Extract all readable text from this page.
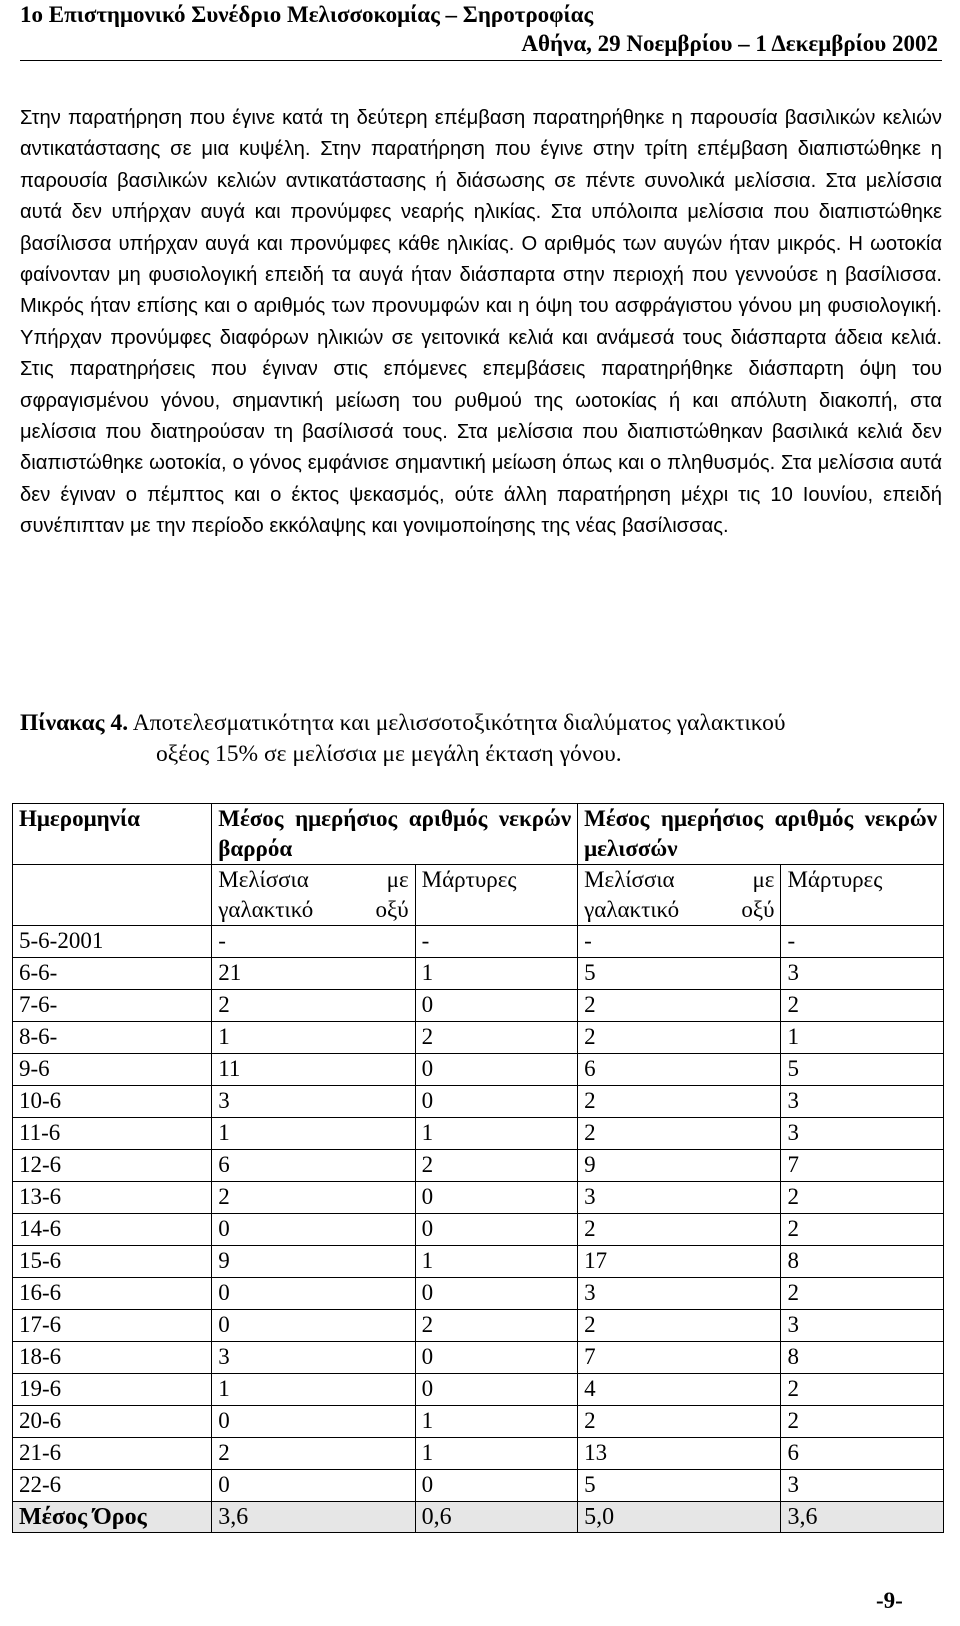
1ο Επιστημονικό Συνέδριο Μελισσοκομίας – Σηροτροφίας
Αθήνα, 29 Νοεμβρίου – 1 Δεκεμβρίου 2002
Στην παρατήρηση που έγινε κατά τη δεύτερη επέμβαση παρατηρήθηκε η παρουσία βασιλικών κελιών αντικατάστασης σε μια κυψέλη. Στην παρατήρηση που έγινε στην τρίτη επέμβαση διαπιστώθηκε η παρουσία βασιλικών κελιών αντικατάστασης ή διάσωσης σε πέντε συνολικά μελίσσια. Στα μελίσσια αυτά δεν υπήρχαν αυγά και προνύμφες νεαρής ηλικίας. Στα υπόλοιπα μελίσσια που διαπιστώθηκε βασίλισσα υπήρχαν αυγά και προνύμφες κάθε ηλικίας. Ο αριθμός των αυγών ήταν μικρός. Η ωοτοκία φαίνονταν μη φυσιολογική επειδή τα αυγά ήταν διάσπαρτα στην περιοχή που γεννούσε η βασίλισσα. Μικρός ήταν επίσης και ο αριθμός των προνυμφών και η όψη του ασφράγιστου γόνου μη φυσιολογική. Υπήρχαν προνύμφες διαφόρων ηλικιών σε γειτονικά κελιά και ανάμεσά τους διάσπαρτα άδεια κελιά. Στις παρατηρήσεις που έγιναν στις επόμενες επεμβάσεις παρατηρήθηκε διάσπαρτη όψη του σφραγισμένου γόνου, σημαντική μείωση του ρυθμού της ωοτοκίας ή και απόλυτη διακοπή, στα μελίσσια που διατηρούσαν τη βασίλισσά τους. Στα μελίσσια που διαπιστώθηκαν βασιλικά κελιά δεν διαπιστώθηκε ωοτοκία, ο γόνος εμφάνισε σημαντική μείωση όπως και ο πληθυσμός. Στα μελίσσια αυτά δεν έγιναν ο πέμπτος και ο έκτος ψεκασμός, ούτε άλλη παρατήρηση μέχρι τις 10 Ιουνίου, επειδή συνέπιπταν με την περίοδο εκκόλαψης και γονιμοποίησης της νέας βασίλισσας.
Πίνακας 4. Αποτελεσματικότητα και μελισσοτοξικότητα διαλύματος γαλακτικού
οξέος 15% σε μελίσσια με μεγάλη έκταση γόνου.
Ημερομηνία	Μέσος ημερήσιος αριθμός νεκρών βαρρόα		Μέσος ημερήσιος αριθμός νεκρών μελισσών	
	Μελίσσια με γαλακτικό οξύ	Μάρτυρες	Μελίσσια με γαλακτικό οξύ	Μάρτυρες
5-6-2001	-	-	-	-
6-6-	21	1	5	3
7-6-	2	0	2	2
8-6-	1	2	2	1
9-6	11	0	6	5
10-6	3	0	2	3
11-6	1	1	2	3
12-6	6	2	9	7
13-6	2	0	3	2
14-6	0	0	2	2
15-6	9	1	17	8
16-6	0	0	3	2
17-6	0	2	2	3
18-6	3	0	7	8
19-6	1	0	4	2
20-6	0	1	2	2
21-6	2	1	13	6
22-6	0	0	5	3
Μέσος Όρος	3,6	0,6	5,0	3,6
-9-
